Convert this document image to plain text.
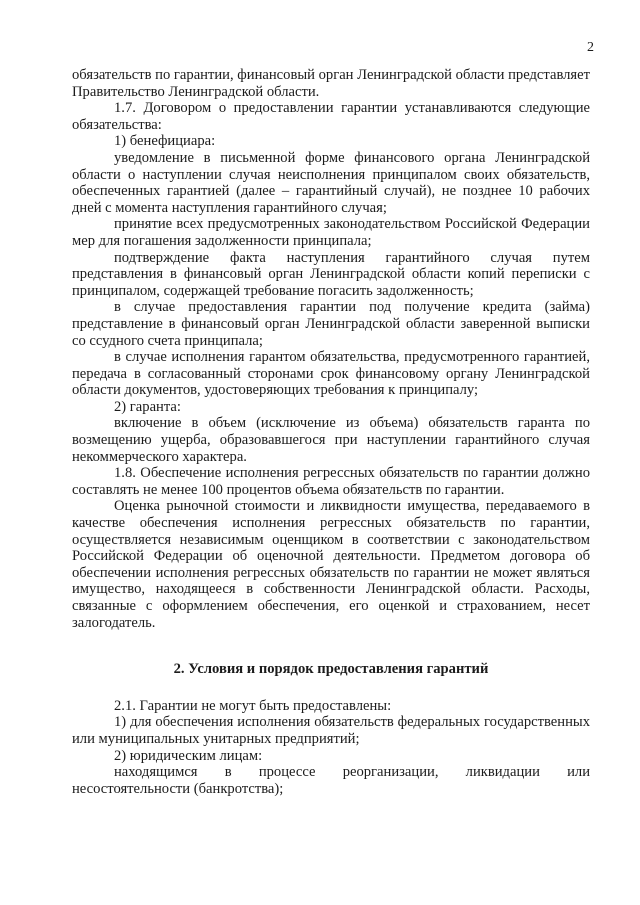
2

обязательств по гарантии, финансовый орган Ленинградской области представляет Правительство Ленинградской области.

1.7. Договором о предоставлении гарантии устанавливаются следующие обязательства:

1) бенефициара:

уведомление в письменной форме финансового органа Ленинградской области о наступлении случая неисполнения принципалом своих обязательств, обеспеченных гарантией (далее – гарантийный случай), не позднее 10 рабочих дней с момента наступления гарантийного случая;

принятие всех предусмотренных законодательством Российской Федерации мер для погашения задолженности принципала;

подтверждение факта наступления гарантийного случая путем представления в финансовый орган Ленинградской области копий переписки с принципалом, содержащей требование погасить задолженность;

в случае предоставления гарантии под получение кредита (займа) представление в финансовый орган Ленинградской области заверенной выписки со ссудного счета принципала;

в случае исполнения гарантом обязательства, предусмотренного гарантией, передача в согласованный сторонами срок финансовому органу Ленинградской области документов, удостоверяющих требования к принципалу;

2) гаранта:

включение в объем (исключение из объема) обязательств гаранта по возмещению ущерба, образовавшегося при наступлении гарантийного случая некоммерческого характера.

1.8. Обеспечение исполнения регрессных обязательств по гарантии должно составлять не менее 100 процентов объема обязательств по гарантии.

Оценка рыночной стоимости и ликвидности имущества, передаваемого в качестве обеспечения исполнения регрессных обязательств по гарантии, осуществляется независимым оценщиком в соответствии с законодательством Российской Федерации об оценочной деятельности. Предметом договора об обеспечении исполнения регрессных обязательств по гарантии не может являться имущество, находящееся в собственности Ленинградской области. Расходы, связанные с оформлением обеспечения, его оценкой и страхованием, несет залогодатель.

2. Условия и порядок предоставления гарантий

2.1. Гарантии не могут быть предоставлены:

1) для обеспечения исполнения обязательств федеральных государственных или муниципальных унитарных предприятий;

2) юридическим лицам:

находящимся в процессе реорганизации, ликвидации или несостоятельности (банкротства);
